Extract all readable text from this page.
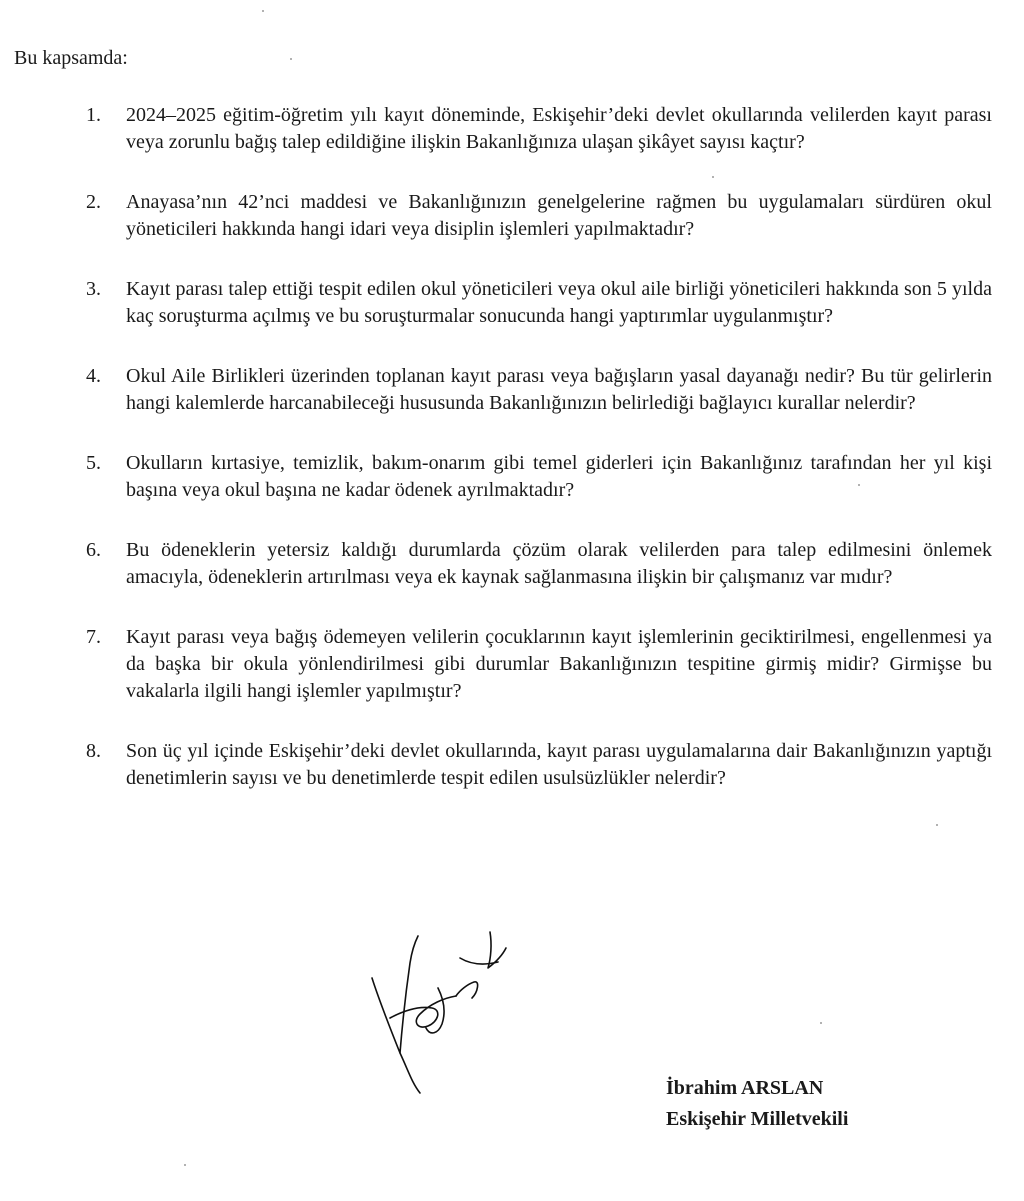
Bu kapsamda:

1.	2024–2025 eğitim-öğretim yılı kayıt döneminde, Eskişehir’deki devlet okullarında velilerden kayıt parası veya zorunlu bağış talep edildiğine ilişkin Bakanlığınıza ulaşan şikâyet sayısı kaçtır?
2.	Anayasa’nın 42’nci maddesi ve Bakanlığınızın genelgelerine rağmen bu uygulamaları sürdüren okul yöneticileri hakkında hangi idari veya disiplin işlemleri yapılmaktadır?
3.	Kayıt parası talep ettiği tespit edilen okul yöneticileri veya okul aile birliği yöneticileri hakkında son 5 yılda kaç soruşturma açılmış ve bu soruşturmalar sonucunda hangi yaptırımlar uygulanmıştır?
4.	Okul Aile Birlikleri üzerinden toplanan kayıt parası veya bağışların yasal dayanağı nedir? Bu tür gelirlerin hangi kalemlerde harcanabileceği hususunda Bakanlığınızın belirlediği bağlayıcı kurallar nelerdir?
5.	Okulların kırtasiye, temizlik, bakım-onarım gibi temel giderleri için Bakanlığınız tarafından her yıl kişi başına veya okul başına ne kadar ödenek ayrılmaktadır?
6.	Bu ödeneklerin yetersiz kaldığı durumlarda çözüm olarak velilerden para talep edilmesini önlemek amacıyla, ödeneklerin artırılması veya ek kaynak sağlanmasına ilişkin bir çalışmanız var mıdır?
7.	Kayıt parası veya bağış ödemeyen velilerin çocuklarının kayıt işlemlerinin geciktirilmesi, engellenmesi ya da başka bir okula yönlendirilmesi gibi durumlar Bakanlığınızın tespitine girmiş midir? Girmişse bu vakalarla ilgili hangi işlemler yapılmıştır?
8.	Son üç yıl içinde Eskişehir’deki devlet okullarında, kayıt parası uygulamalarına dair Bakanlığınızın yaptığı denetimlerin sayısı ve bu denetimlerde tespit edilen usulsüzlükler nelerdir?
İbrahim ARSLAN
Eskişehir Milletvekili
